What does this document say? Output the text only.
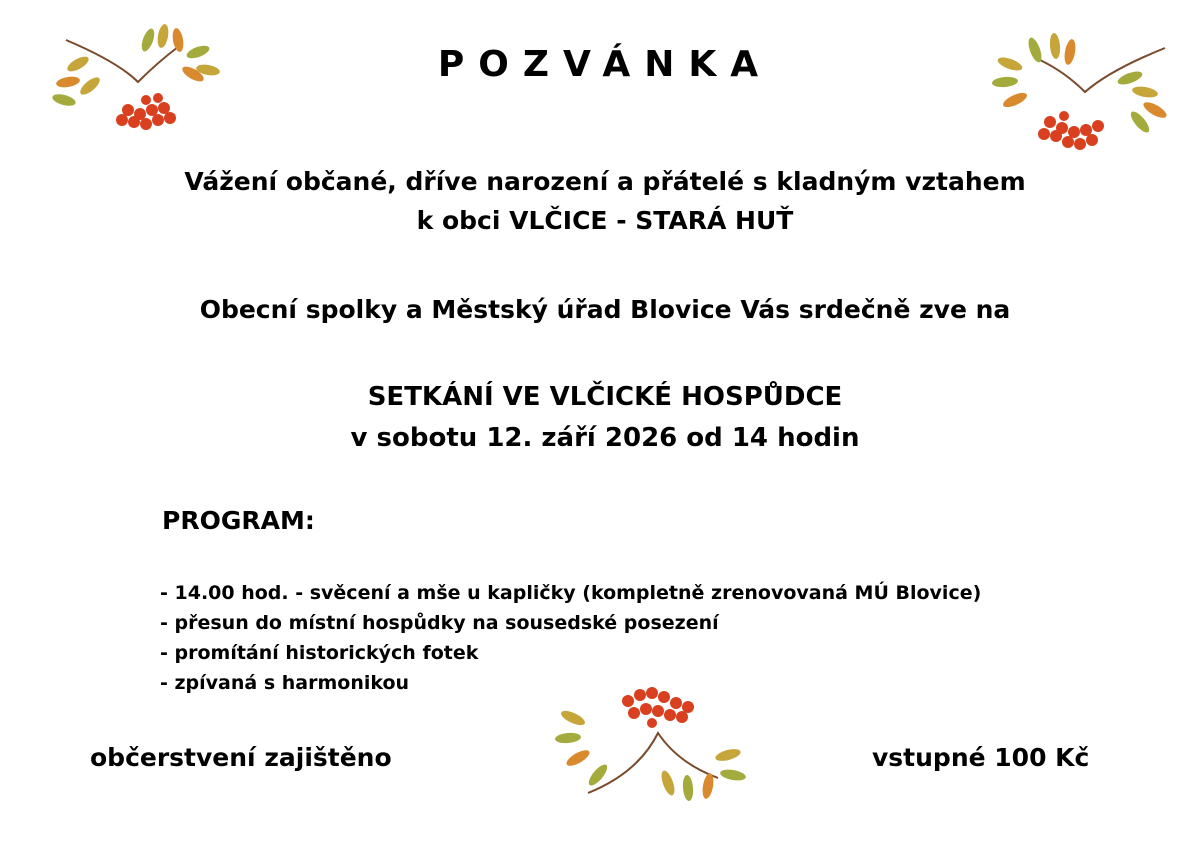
POZVÁNKA
Vážení občané, dříve narození a přátelé s kladným vztahem
k obci VLČICE - STARÁ HUŤ

Obecní spolky a Městský úřad Blovice Vás srdečně zve na

SETKÁNÍ VE VLČICKÉ HOSPŮDCE
v sobotu 12. září 2026 od 14 hodin
PROGRAM:
- 14.00 hod. - svěcení a mše u kapličky (kompletně zrenovovaná MÚ Blovice)
- přesun do místní hospůdky na sousedské posezení
- promítání historických fotek
- zpívaná s harmonikou

občerstvení zajištěno	vstupné 100 Kč
